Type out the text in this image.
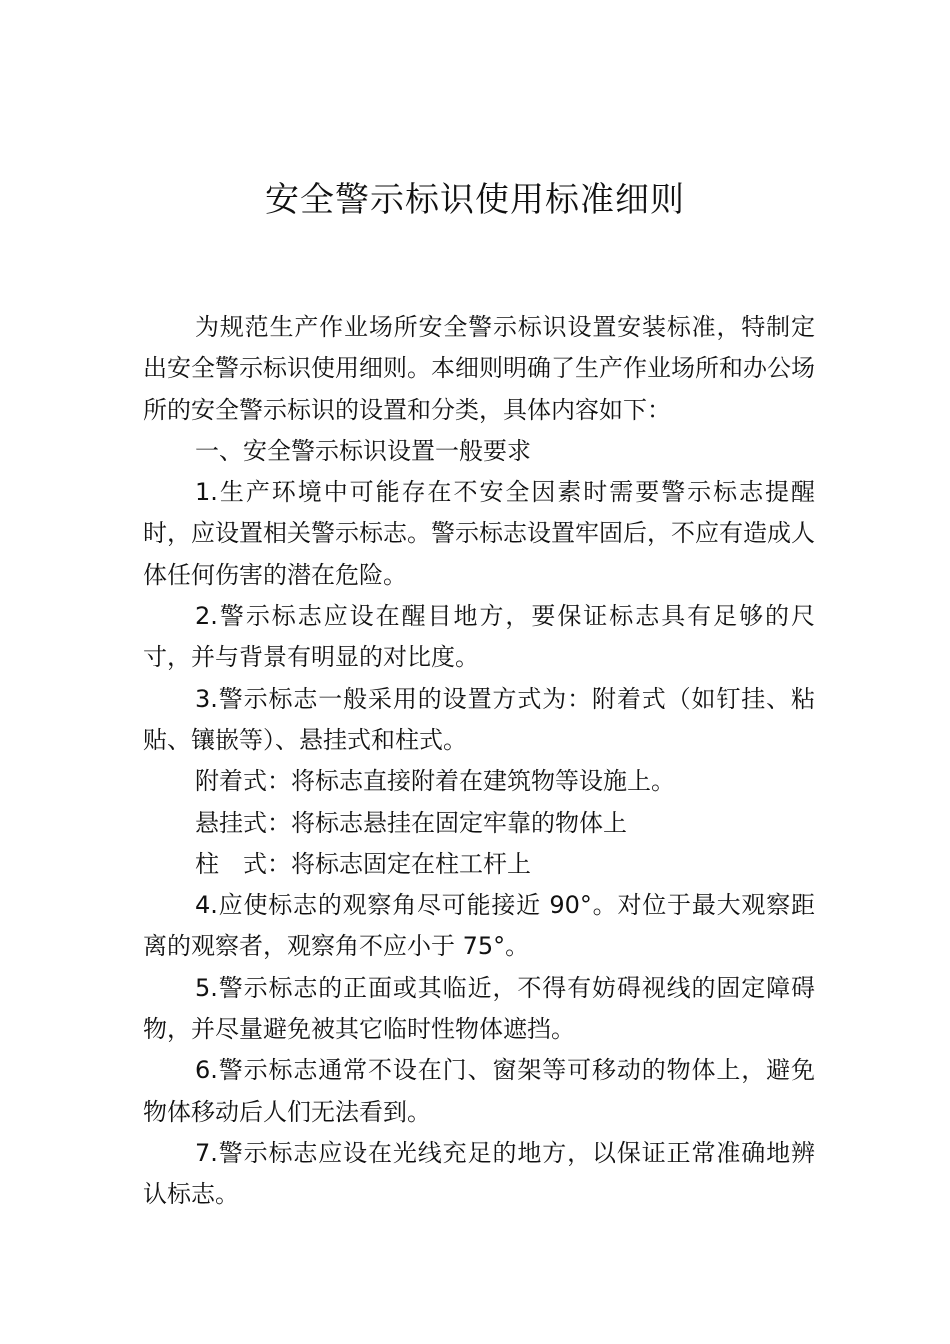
安全警示标识使用标准细则

为规范生产作业场所安全警示标识设置安装标准，特制定出安全警示标识使用细则。本细则明确了生产作业场所和办公场所的安全警示标识的设置和分类，具体内容如下：

一、安全警示标识设置一般要求

1.生产环境中可能存在不安全因素时需要警示标志提醒时，应设置相关警示标志。警示标志设置牢固后，不应有造成人体任何伤害的潜在危险。

2.警示标志应设在醒目地方，要保证标志具有足够的尺寸，并与背景有明显的对比度。

3.警示标志一般采用的设置方式为：附着式（如钉挂、粘贴、镶嵌等）、悬挂式和柱式。

附着式：将标志直接附着在建筑物等设施上。

悬挂式：将标志悬挂在固定牢靠的物体上

柱　式：将标志固定在柱工杆上

4.应使标志的观察角尽可能接近 90°。对位于最大观察距离的观察者，观察角不应小于 75°。

5.警示标志的正面或其临近，不得有妨碍视线的固定障碍物，并尽量避免被其它临时性物体遮挡。

6.警示标志通常不设在门、窗架等可移动的物体上，避免物体移动后人们无法看到。

7.警示标志应设在光线充足的地方，以保证正常准确地辨认标志。
